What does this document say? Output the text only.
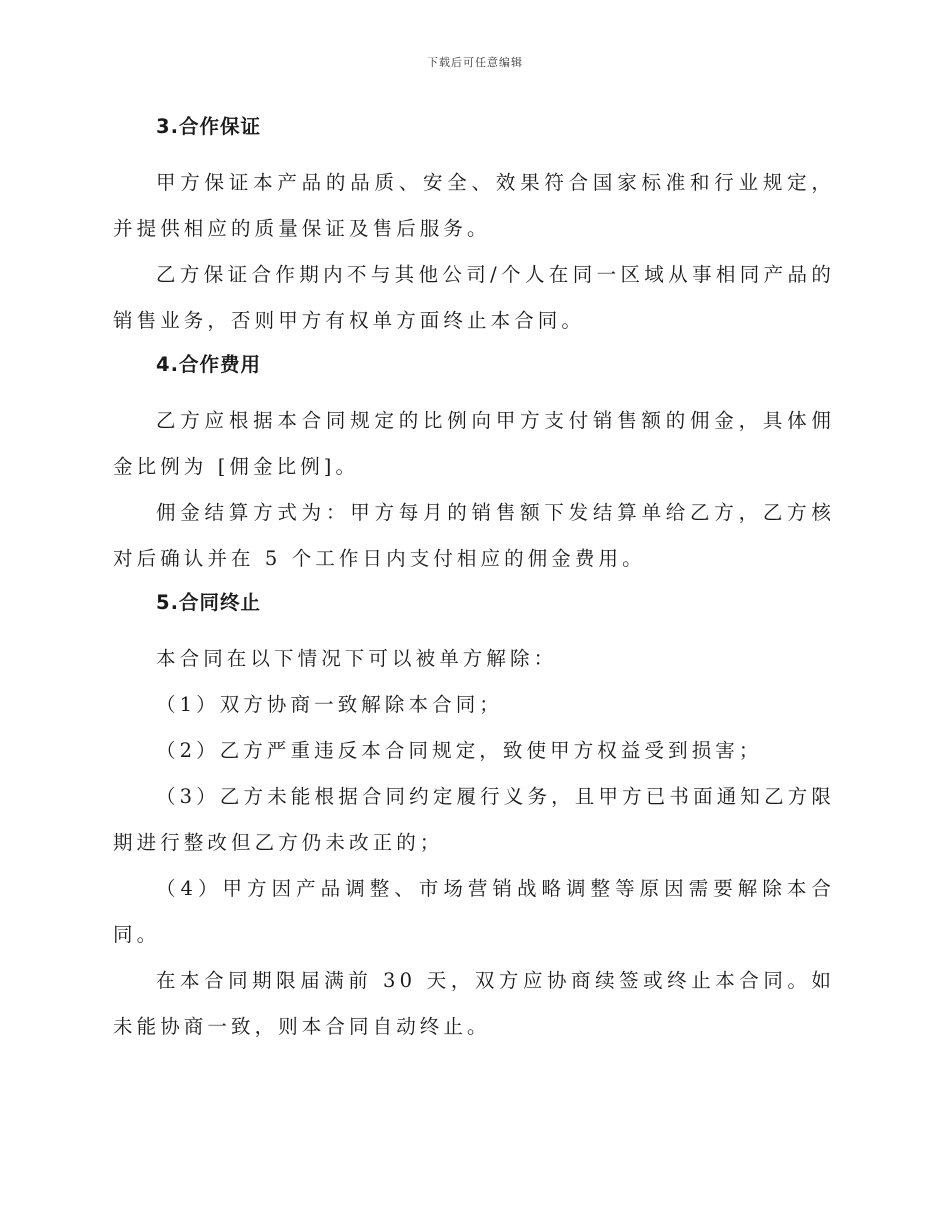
下载后可任意编辑
3.合作保证
甲方保证本产品的品质、安全、效果符合国家标准和行业规定，并提供相应的质量保证及售后服务。
乙方保证合作期内不与其他公司/个人在同一区域从事相同产品的销售业务，否则甲方有权单方面终止本合同。
4.合作费用
乙方应根据本合同规定的比例向甲方支付销售额的佣金，具体佣金比例为 [佣金比例]。
佣金结算方式为：甲方每月的销售额下发结算单给乙方，乙方核对后确认并在 5 个工作日内支付相应的佣金费用。
5.合同终止
本合同在以下情况下可以被单方解除：
（1）双方协商一致解除本合同；
（2）乙方严重违反本合同规定，致使甲方权益受到损害；
（3）乙方未能根据合同约定履行义务，且甲方已书面通知乙方限期进行整改但乙方仍未改正的；
（4）甲方因产品调整、市场营销战略调整等原因需要解除本合同。
在本合同期限届满前 30 天，双方应协商续签或终止本合同。如未能协商一致，则本合同自动终止。
